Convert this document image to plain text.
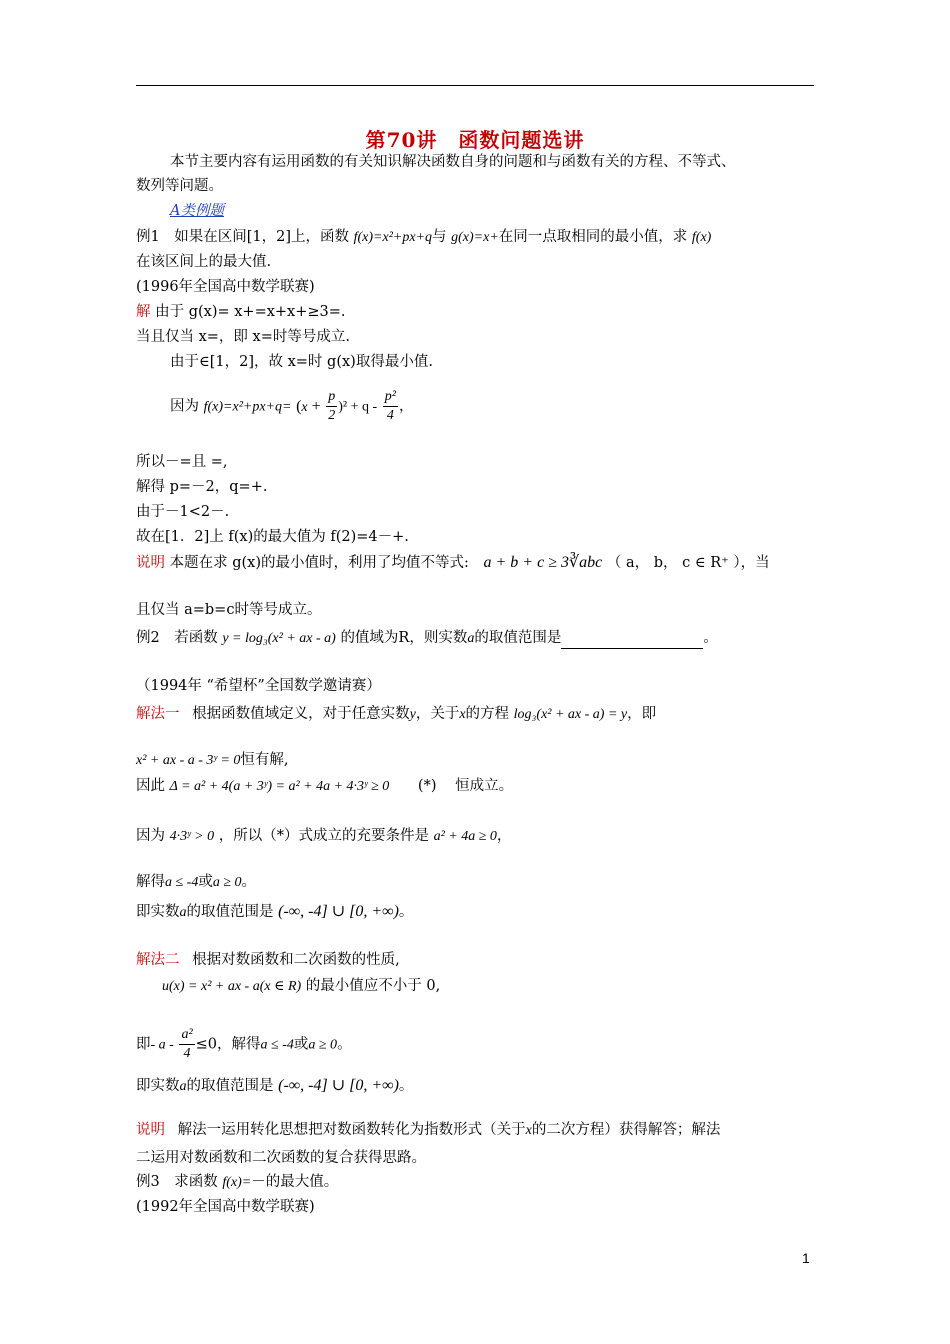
第70讲　函数问题选讲
本节主要内容有运用函数的有关知识解决函数自身的问题和与函数有关的方程、不等式、
数列等问题。
A类例题
例1　如果在区间[1，2]上，函数 f(x)=x²+px+q与 g(x)=x+在同一点取相同的最小值，求 f(x)
在该区间上的最大值.
(1996年全国高中数学联赛)
解 由于 g(x)= x+=x+x+≥3=.
当且仅当 x=，即 x=时等号成立.
由于∈[1，2]，故 x=时 g(x)取得最小值.
因为 $f(x)=x^2+px+q= (x + \frac{p}{2} )^2 + q - \frac{\text{p²}}{4}$ ，
所以－=且 =,
解得 p=－2，q=+.
由于－1<2－.
故在[1．2]上 f(x)的最大值为 f(2)=4－+.
说明 本题在求 g(x)的最小值时，利用了均值不等式: a + b + c ≥ 3∛abc （ a， b， c ∈ R⁺ ），当
且仅当 a=b=c时等号成立。
例2　若函数 y = log₃(x² + ax - a) 的值域为R，则实数a的取值范围是	。
（1994年 “希望杯”全国数学邀请赛）
解法一 根据函数值域定义，对于任意实数y，关于x的方程 log₃(x² + ax - a) = y，即
x² + ax - a - 3ʸ = 0恒有解,
因此 Δ = a² + 4(a + 3ʸ) = a² + 4a + 4·3ʸ ≥ 0 (*) 恒成立。
因为 4·3ʸ > 0 ，所以（*）式成立的充要条件是 a² + 4a ≥ 0，
解得a ≤ -4或a ≥ 0。
即实数a的取值范围是 (-∞, -4] ∪ [0, +∞)。
解法二 根据对数函数和二次函数的性质,
u(x) = x² + ax - a(x ∈ R) 的最小值应不小于 0,
即- $a - \frac{\text{a²}}{4} \le 0$，解得a ≤ -4或a ≥ 0。
即实数a的取值范围是 (-∞, -4] ∪ [0, +∞)。
说明 解法一运用转化思想把对数函数转化为指数形式（关于x的二次方程）获得解答；解法
二运用对数函数和二次函数的复合获得思路。
例3　求函数 f(x)=－的最大值。
(1992年全国高中数学联赛)
1
